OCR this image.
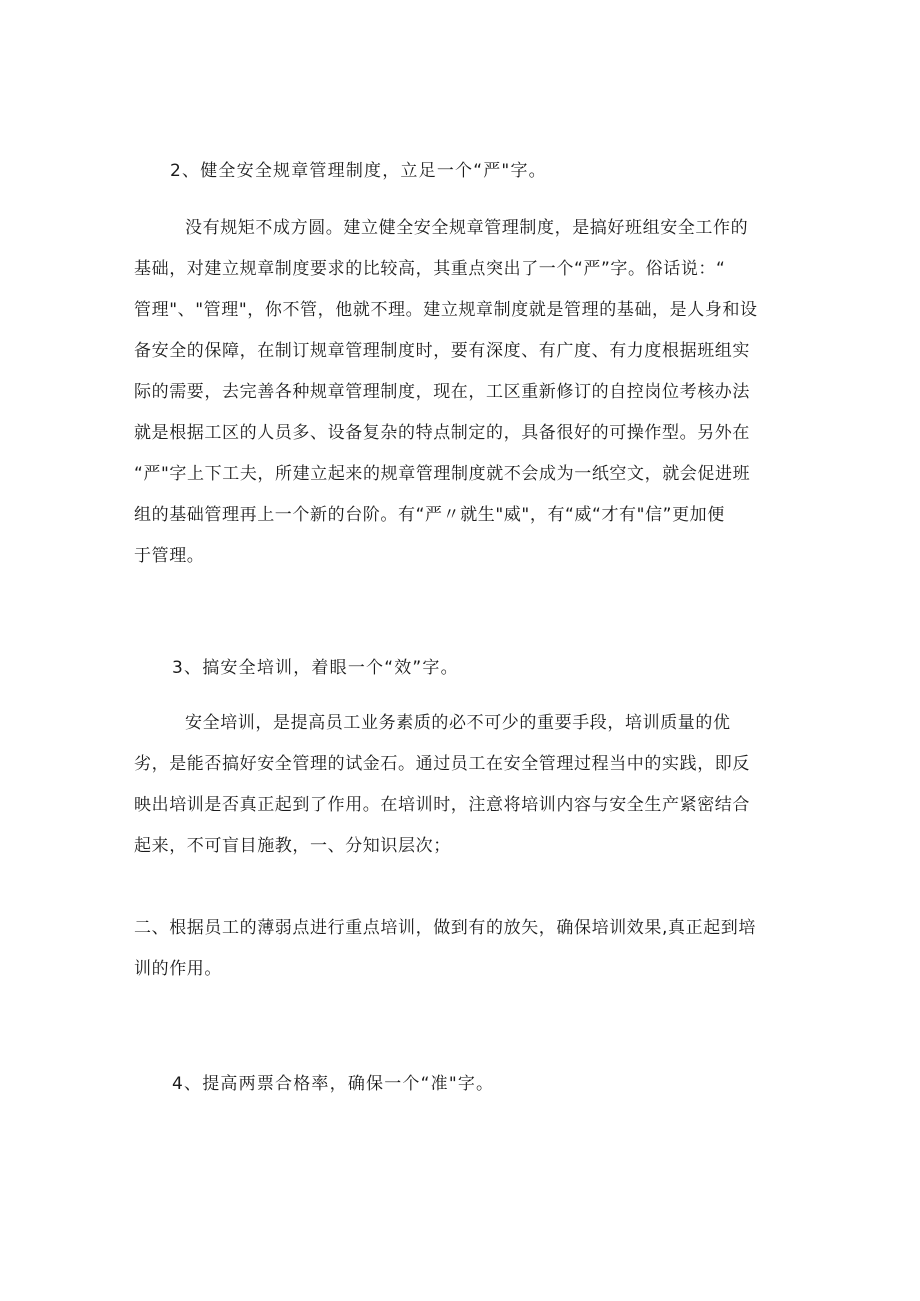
2、健全安全规章管理制度，立足一个“严"字。

没有规矩不成方圆。建立健全安全规章管理制度，是搞好班组安全工作的

基础，对建立规章制度要求的比较高，其重点突出了一个“严”字。俗话说：“

管理"、"管理"，你不管，他就不理。建立规章制度就是管理的基础，是人身和设

备安全的保障，在制订规章管理制度时，要有深度、有广度、有力度根据班组实

际的需要，去完善各种规章管理制度，现在，工区重新修订的自控岗位考核办法

就是根据工区的人员多、设备复杂的特点制定的，具备很好的可操作型。另外在

“严"字上下工夫，所建立起来的规章管理制度就不会成为一纸空文，就会促进班

组的基础管理再上一个新的台阶。有“严〃就生"威"，有“威“才有"信”更加便

于管理。

3、搞安全培训，着眼一个“效”字。

安全培训，是提高员工业务素质的必不可少的重要手段，培训质量的优

劣，是能否搞好安全管理的试金石。通过员工在安全管理过程当中的实践，即反

映出培训是否真正起到了作用。在培训时，注意将培训内容与安全生产紧密结合

起来，不可盲目施教，一、分知识层次；

二、根据员工的薄弱点进行重点培训，做到有的放矢，确保培训效果,真正起到培

训的作用。

4、提高两票合格率，确保一个“准"字。
